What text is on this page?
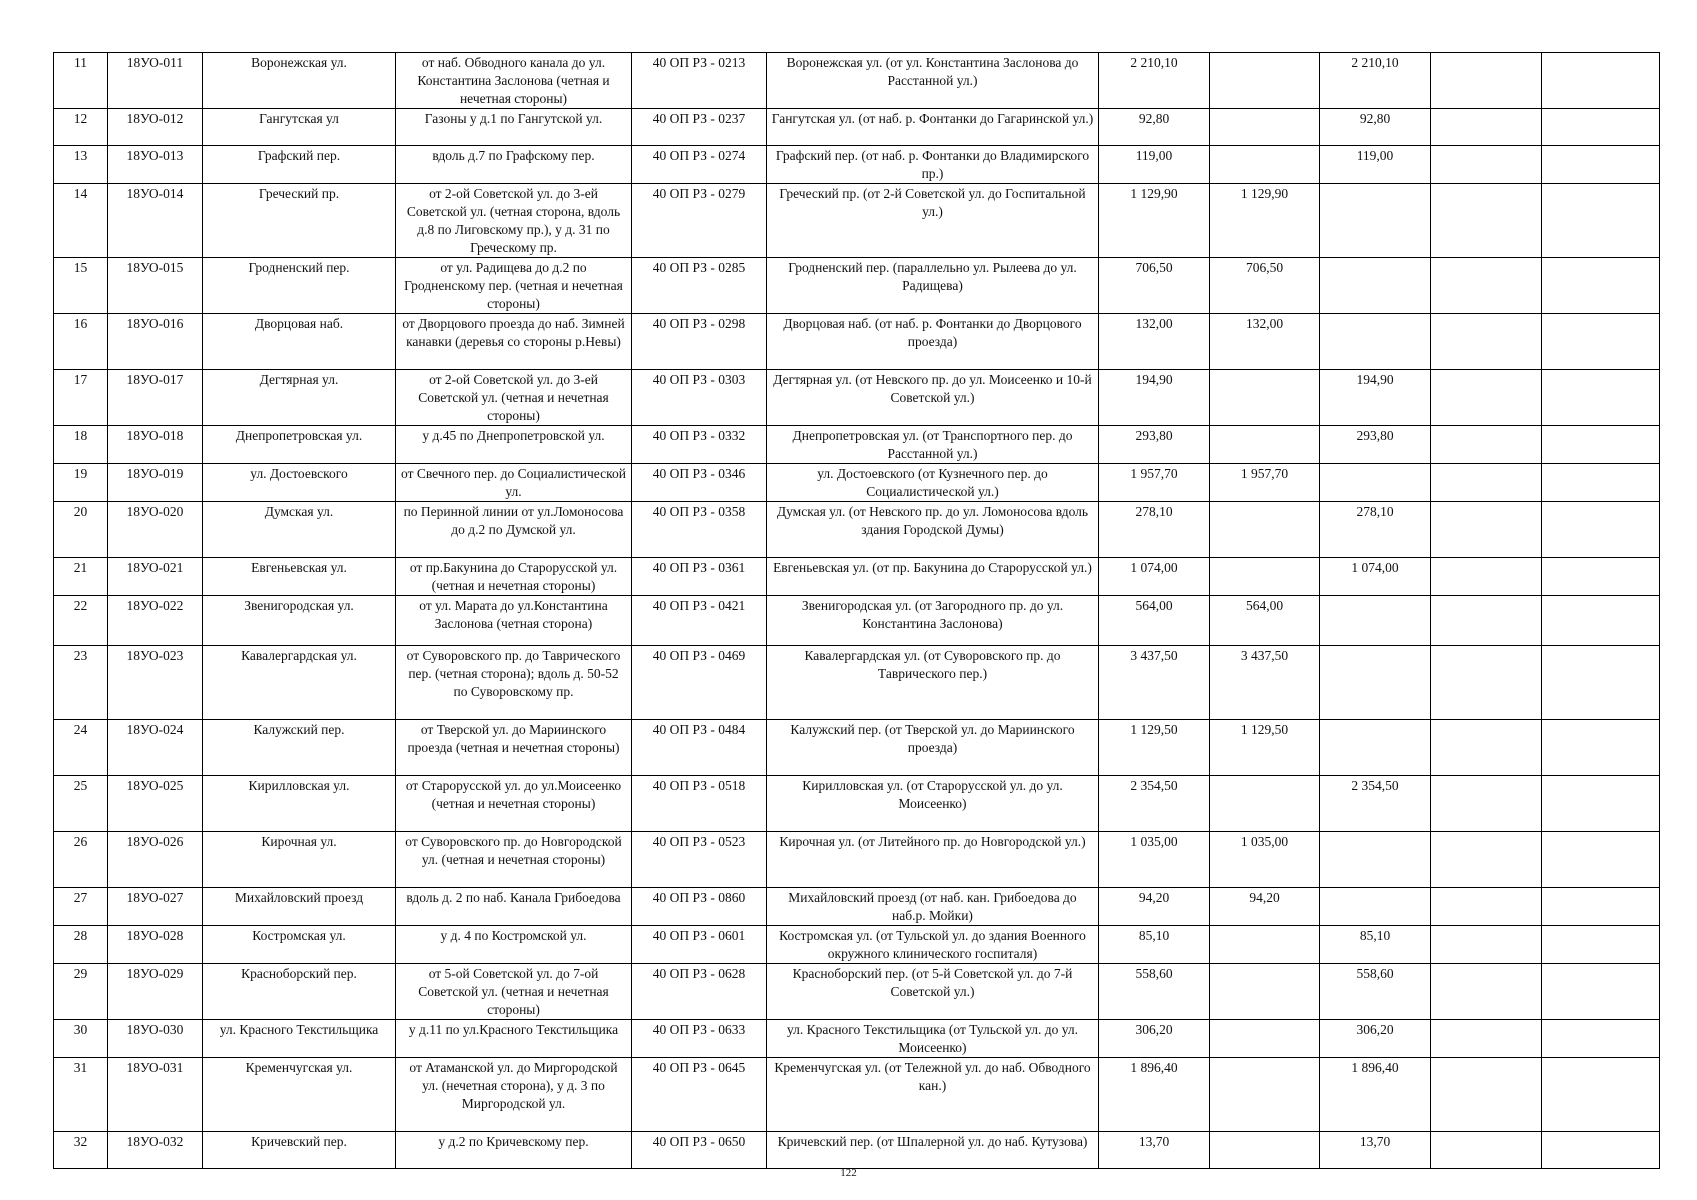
11	18УО-011	Воронежская ул.	от наб. Обводного канала до ул. Константина Заслонова (четная и нечетная стороны)	40 ОП РЗ - 0213	Воронежская ул. (от ул. Константина Заслонова до Расстанной ул.)	2 210,10		2 210,10		
12	18УО-012	Гангутская ул	Газоны у д.1 по Гангутской ул.	40 ОП РЗ - 0237	Гангутская ул. (от наб. р. Фонтанки до Гагаринской ул.)	92,80		92,80		
13	18УО-013	Графский пер.	вдоль д.7 по Графскому пер.	40 ОП РЗ - 0274	Графский пер. (от наб. р. Фонтанки до Владимирского пр.)	119,00		119,00		
14	18УО-014	Греческий пр.	от 2-ой Советской ул. до 3-ей Советской ул. (четная сторона, вдоль д.8 по Лиговскому пр.), у д. 31 по Греческому пр.	40 ОП РЗ - 0279	Греческий пр. (от 2-й Советской ул. до Госпитальной ул.)	1 129,90	1 129,90			
15	18УО-015	Гродненский пер.	от ул. Радищева до д.2 по Гродненскому пер. (четная и нечетная стороны)	40 ОП РЗ - 0285	Гродненский пер. (параллельно ул. Рылеева до ул. Радищева)	706,50	706,50			
16	18УО-016	Дворцовая наб.	от Дворцового проезда до наб. Зимней канавки (деревья со стороны р.Невы)	40 ОП РЗ - 0298	Дворцовая наб. (от наб. р. Фонтанки до Дворцового проезда)	132,00	132,00			
17	18УО-017	Дегтярная ул.	от 2-ой Советской ул. до 3-ей Советской ул. (четная и нечетная стороны)	40 ОП РЗ - 0303	Дегтярная ул. (от Невского пр. до ул. Моисеенко и 10-й Советской ул.)	194,90		194,90		
18	18УО-018	Днепропетровская ул.	у д.45 по Днепропетровской ул.	40 ОП РЗ - 0332	Днепропетровская ул. (от Транспортного пер. до Расстанной ул.)	293,80		293,80		
19	18УО-019	ул. Достоевского	от Свечного пер. до Социалистической ул.	40 ОП РЗ - 0346	ул. Достоевского (от Кузнечного пер. до Социалистической ул.)	1 957,70	1 957,70			
20	18УО-020	Думская ул.	по Перинной линии от ул.Ломоносова до д.2 по Думской ул.	40 ОП РЗ - 0358	Думская ул. (от Невского пр. до ул. Ломоносова вдоль здания Городской Думы)	278,10		278,10		
21	18УО-021	Евгеньевская ул.	от пр.Бакунина до Старорусской ул. (четная и нечетная стороны)	40 ОП РЗ - 0361	Евгеньевская ул. (от пр. Бакунина до Старорусской ул.)	1 074,00		1 074,00		
22	18УО-022	Звенигородская ул.	от ул. Марата до ул.Константина Заслонова (четная сторона)	40 ОП РЗ - 0421	Звенигородская ул. (от Загородного пр. до ул. Константина Заслонова)	564,00	564,00			
23	18УО-023	Кавалергардская ул.	от Суворовского пр. до Таврического пер. (четная сторона); вдоль д. 50-52 по Суворовскому пр.	40 ОП РЗ - 0469	Кавалергардская ул. (от Суворовского пр. до Таврического пер.)	3 437,50	3 437,50			
24	18УО-024	Калужский пер.	от Тверской ул. до Мариинского проезда (четная и нечетная стороны)	40 ОП РЗ - 0484	Калужский пер. (от Тверской ул. до Мариинского проезда)	1 129,50	1 129,50			
25	18УО-025	Кирилловская ул.	от Старорусской ул. до ул.Моисеенко (четная и нечетная стороны)	40 ОП РЗ - 0518	Кирилловская ул. (от Старорусской ул. до ул. Моисеенко)	2 354,50		2 354,50		
26	18УО-026	Кирочная ул.	от Суворовского пр. до Новгородской ул. (четная и нечетная стороны)	40 ОП РЗ - 0523	Кирочная ул. (от Литейного пр. до Новгородской ул.)	1 035,00	1 035,00			
27	18УО-027	Михайловский проезд	вдоль д. 2 по наб. Канала Грибоедова	40 ОП РЗ - 0860	Михайловский проезд (от наб. кан. Грибоедова до наб.р. Мойки)	94,20	94,20			
28	18УО-028	Костромская ул.	у д. 4 по Костромской ул.	40 ОП РЗ - 0601	Костромская ул. (от Тульской ул. до здания Военного окружного клинического госпиталя)	85,10		85,10		
29	18УО-029	Красноборский пер.	от 5-ой Советской ул. до 7-ой Советской ул. (четная и нечетная стороны)	40 ОП РЗ - 0628	Красноборский пер. (от 5-й Советской ул. до 7-й Советской ул.)	558,60		558,60		
30	18УО-030	ул. Красного Текстильщика	у д.11 по ул.Красного Текстильщика	40 ОП РЗ - 0633	ул. Красного Текстильщика (от Тульской ул. до ул. Моисеенко)	306,20		306,20		
31	18УО-031	Кременчугская ул.	от Атаманской ул. до Миргородской ул. (нечетная сторона), у д. 3 по Миргородской ул.	40 ОП РЗ - 0645	Кременчугская ул. (от Тележной ул. до наб. Обводного кан.)	1 896,40		1 896,40		
32	18УО-032	Кричевский пер.	у д.2 по Кричевскому пер.	40 ОП РЗ - 0650	Кричевский пер. (от Шпалерной ул. до наб. Кутузова)	13,70		13,70		
122
